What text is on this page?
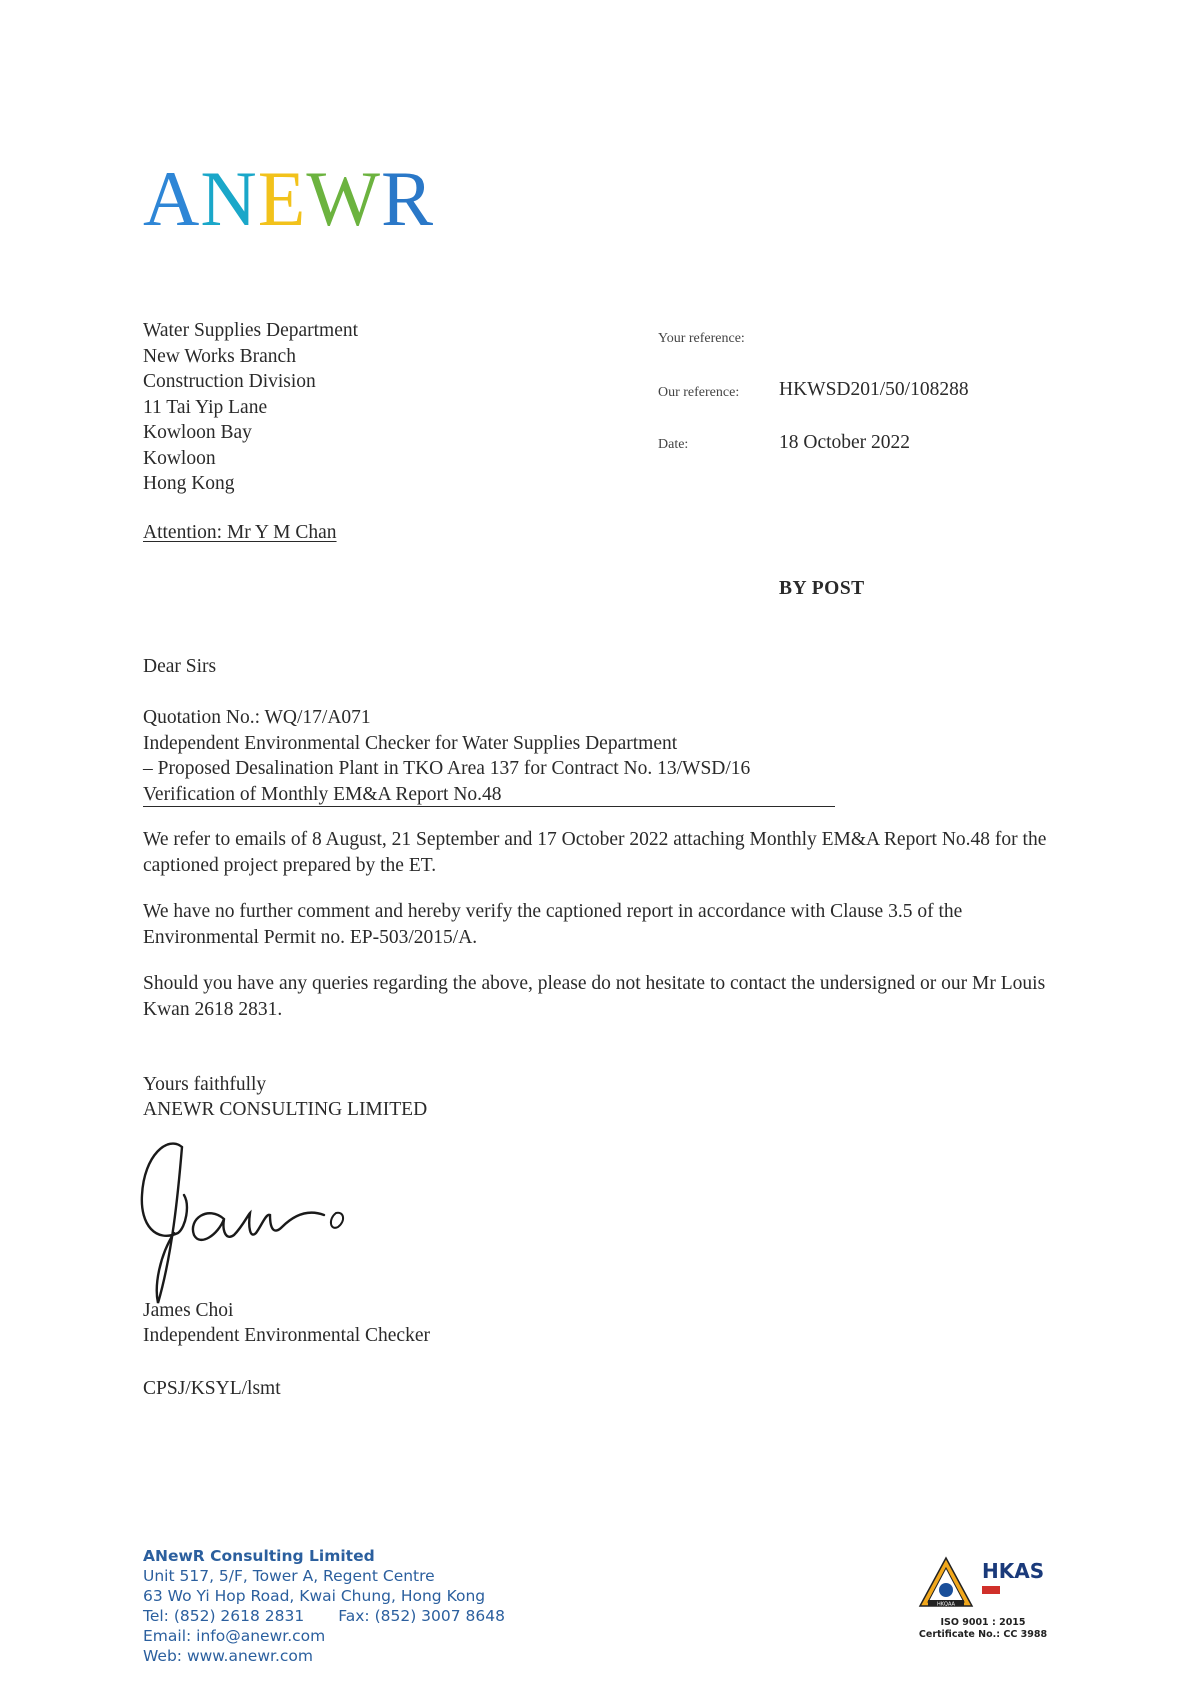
ANEWR
Water Supplies Department
New Works Branch
Construction Division
11 Tai Yip Lane
Kowloon Bay
Kowloon
Hong Kong
Attention: Mr Y M Chan
Your reference:
Our reference: HKWSD201/50/108288
Date:	18 October 2022
BY POST
Dear Sirs
Quotation No.: WQ/17/A071
Independent Environmental Checker for Water Supplies Department
– Proposed Desalination Plant in TKO Area 137 for Contract No. 13/WSD/16
Verification of Monthly EM&A Report No.48
We refer to emails of 8 August, 21 September and 17 October 2022 attaching Monthly EM&A Report No.48 for the captioned project prepared by the ET.
We have no further comment and hereby verify the captioned report in accordance with Clause 3.5 of the Environmental Permit no. EP-503/2015/A.
Should you have any queries regarding the above, please do not hesitate to contact the undersigned or our Mr Louis Kwan 2618 2831.
Yours faithfully
ANEWR CONSULTING LIMITED
James Choi
Independent Environmental Checker
CPSJ/KSYL/lsmt
ANewR Consulting Limited
Unit 517, 5/F, Tower A, Regent Centre
63 Wo Yi Hop Road, Kwai Chung, Hong Kong
Tel: (852) 2618 2831 Fax: (852) 3007 8648
Email: info@anewr.com
Web: www.anewr.com
HKQAA
HKAS
ISO 9001 : 2015
Certificate No.: CC 3988
